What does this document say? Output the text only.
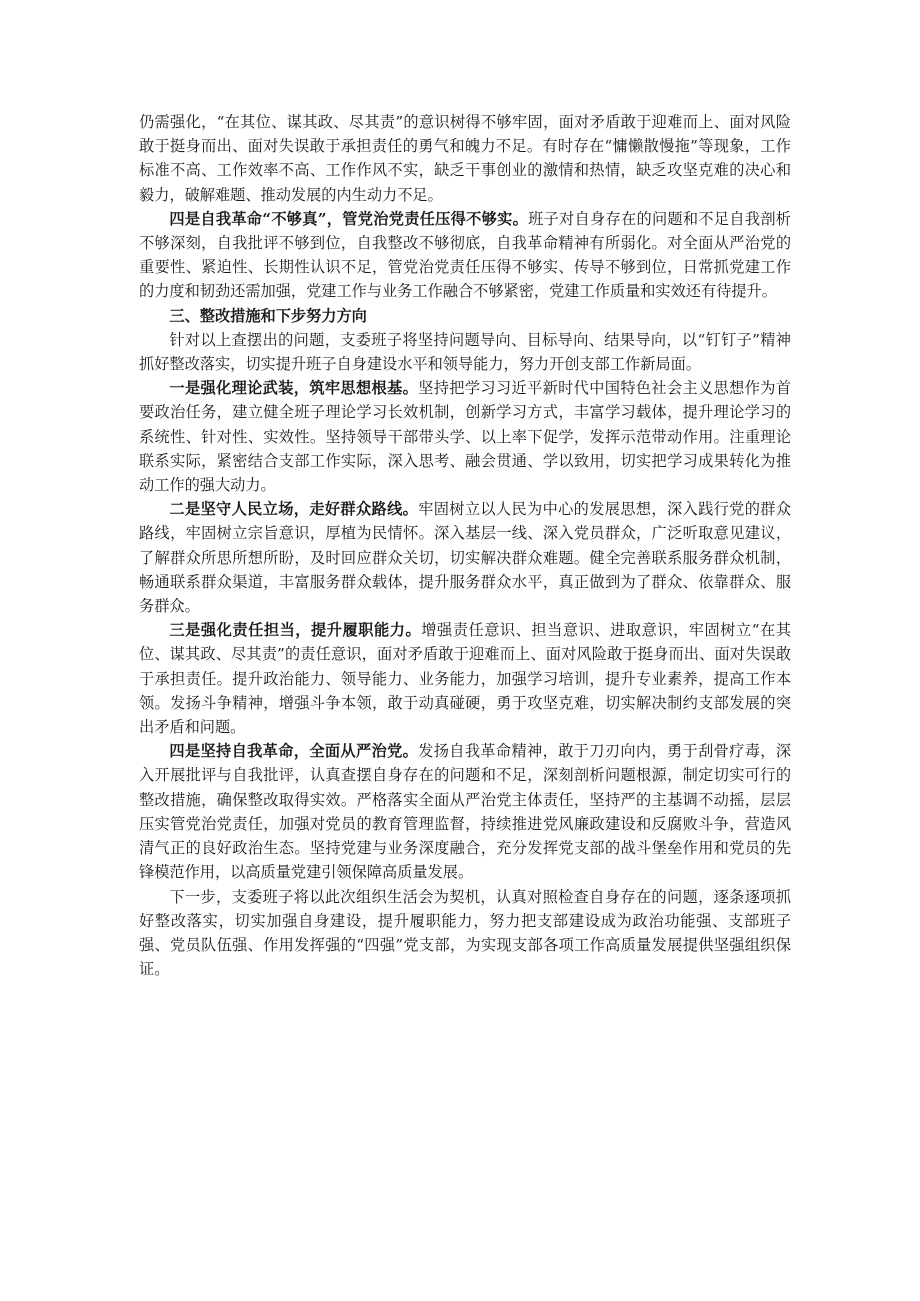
仍需强化，“在其位、谋其政、尽其责”的意识树得不够牢固，面对矛盾敢于迎难而上、面对风险敢于挺身而出、面对失误敢于承担责任的勇气和魄力不足。有时存在“慵懒散慢拖”等现象，工作标准不高、工作效率不高、工作作风不实，缺乏干事创业的激情和热情，缺乏攻坚克难的决心和毅力，破解难题、推动发展的内生动力不足。

四是自我革命“不够真”，管党治党责任压得不够实。班子对自身存在的问题和不足自我剖析不够深刻，自我批评不够到位，自我整改不够彻底，自我革命精神有所弱化。对全面从严治党的重要性、紧迫性、长期性认识不足，管党治党责任压得不够实、传导不够到位，日常抓党建工作的力度和韧劲还需加强，党建工作与业务工作融合不够紧密，党建工作质量和实效还有待提升。

三、整改措施和下步努力方向

针对以上查摆出的问题，支委班子将坚持问题导向、目标导向、结果导向，以“钉钉子”精神抓好整改落实，切实提升班子自身建设水平和领导能力，努力开创支部工作新局面。

一是强化理论武装，筑牢思想根基。坚持把学习习近平新时代中国特色社会主义思想作为首要政治任务，建立健全班子理论学习长效机制，创新学习方式，丰富学习载体，提升理论学习的系统性、针对性、实效性。坚持领导干部带头学、以上率下促学，发挥示范带动作用。注重理论联系实际，紧密结合支部工作实际，深入思考、融会贯通、学以致用，切实把学习成果转化为推动工作的强大动力。

二是坚守人民立场，走好群众路线。牢固树立以人民为中心的发展思想，深入践行党的群众路线，牢固树立宗旨意识，厚植为民情怀。深入基层一线、深入党员群众，广泛听取意见建议，了解群众所思所想所盼，及时回应群众关切，切实解决群众难题。健全完善联系服务群众机制，畅通联系群众渠道，丰富服务群众载体，提升服务群众水平，真正做到为了群众、依靠群众、服务群众。

三是强化责任担当，提升履职能力。增强责任意识、担当意识、进取意识，牢固树立“在其位、谋其政、尽其责”的责任意识，面对矛盾敢于迎难而上、面对风险敢于挺身而出、面对失误敢于承担责任。提升政治能力、领导能力、业务能力，加强学习培训，提升专业素养，提高工作本领。发扬斗争精神，增强斗争本领，敢于动真碰硬，勇于攻坚克难，切实解决制约支部发展的突出矛盾和问题。

四是坚持自我革命，全面从严治党。发扬自我革命精神，敢于刀刃向内，勇于刮骨疗毒，深入开展批评与自我批评，认真查摆自身存在的问题和不足，深刻剖析问题根源，制定切实可行的整改措施，确保整改取得实效。严格落实全面从严治党主体责任，坚持严的主基调不动摇，层层压实管党治党责任，加强对党员的教育管理监督，持续推进党风廉政建设和反腐败斗争，营造风清气正的良好政治生态。坚持党建与业务深度融合，充分发挥党支部的战斗堡垒作用和党员的先锋模范作用，以高质量党建引领保障高质量发展。

下一步，支委班子将以此次组织生活会为契机，认真对照检查自身存在的问题，逐条逐项抓好整改落实，切实加强自身建设，提升履职能力，努力把支部建设成为政治功能强、支部班子强、党员队伍强、作用发挥强的“四强”党支部，为实现支部各项工作高质量发展提供坚强组织保证。
